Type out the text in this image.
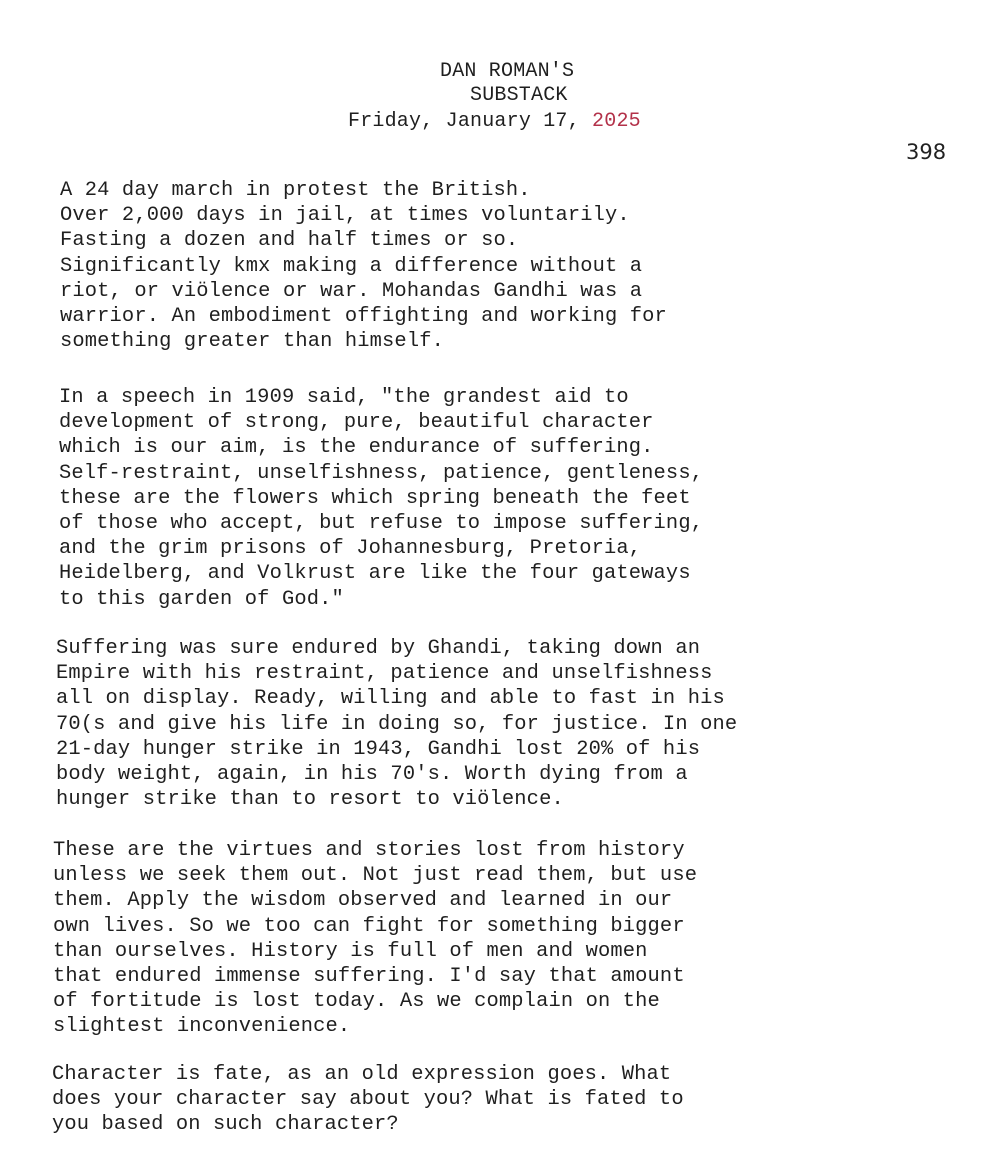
DAN ROMAN'S
SUBSTACK
Friday, January 17, 2025
398
A 24 day march in protest the British.
Over 2,000 days in jail, at times voluntarily.
Fasting a dozen and half times or so.
Significantly kmx making a difference without a
riot, or viölence or war. Mohandas Gandhi was a
warrior. An embodiment offighting and working for
something greater than himself.
In a speech in 1909 said, "the grandest aid to
development of strong, pure, beautiful character
which is our aim, is the endurance of suffering.
Self-restraint, unselfishness, patience, gentleness,
these are the flowers which spring beneath the feet
of those who accept, but refuse to impose suffering,
and the grim prisons of Johannesburg, Pretoria,
Heidelberg, and Volkrust are like the four gateways
to this garden of God."
Suffering was sure endured by Ghandi, taking down an
Empire with his restraint, patience and unselfishness
all on display. Ready, willing and able to fast in his
70(s and give his life in doing so, for justice. In one
21-day hunger strike in 1943, Gandhi lost 20% of his
body weight, again, in his 70's. Worth dying from a
hunger strike than to resort to viölence.
These are the virtues and stories lost from history
unless we seek them out. Not just read them, but use
them. Apply the wisdom observed and learned in our
own lives. So we too can fight for something bigger
than ourselves. History is full of men and women
that endured immense suffering. I'd say that amount
of fortitude is lost today. As we complain on the
slightest inconvenience.
Character is fate, as an old expression goes. What
does your character say about you? What is fated to
you based on such character?
